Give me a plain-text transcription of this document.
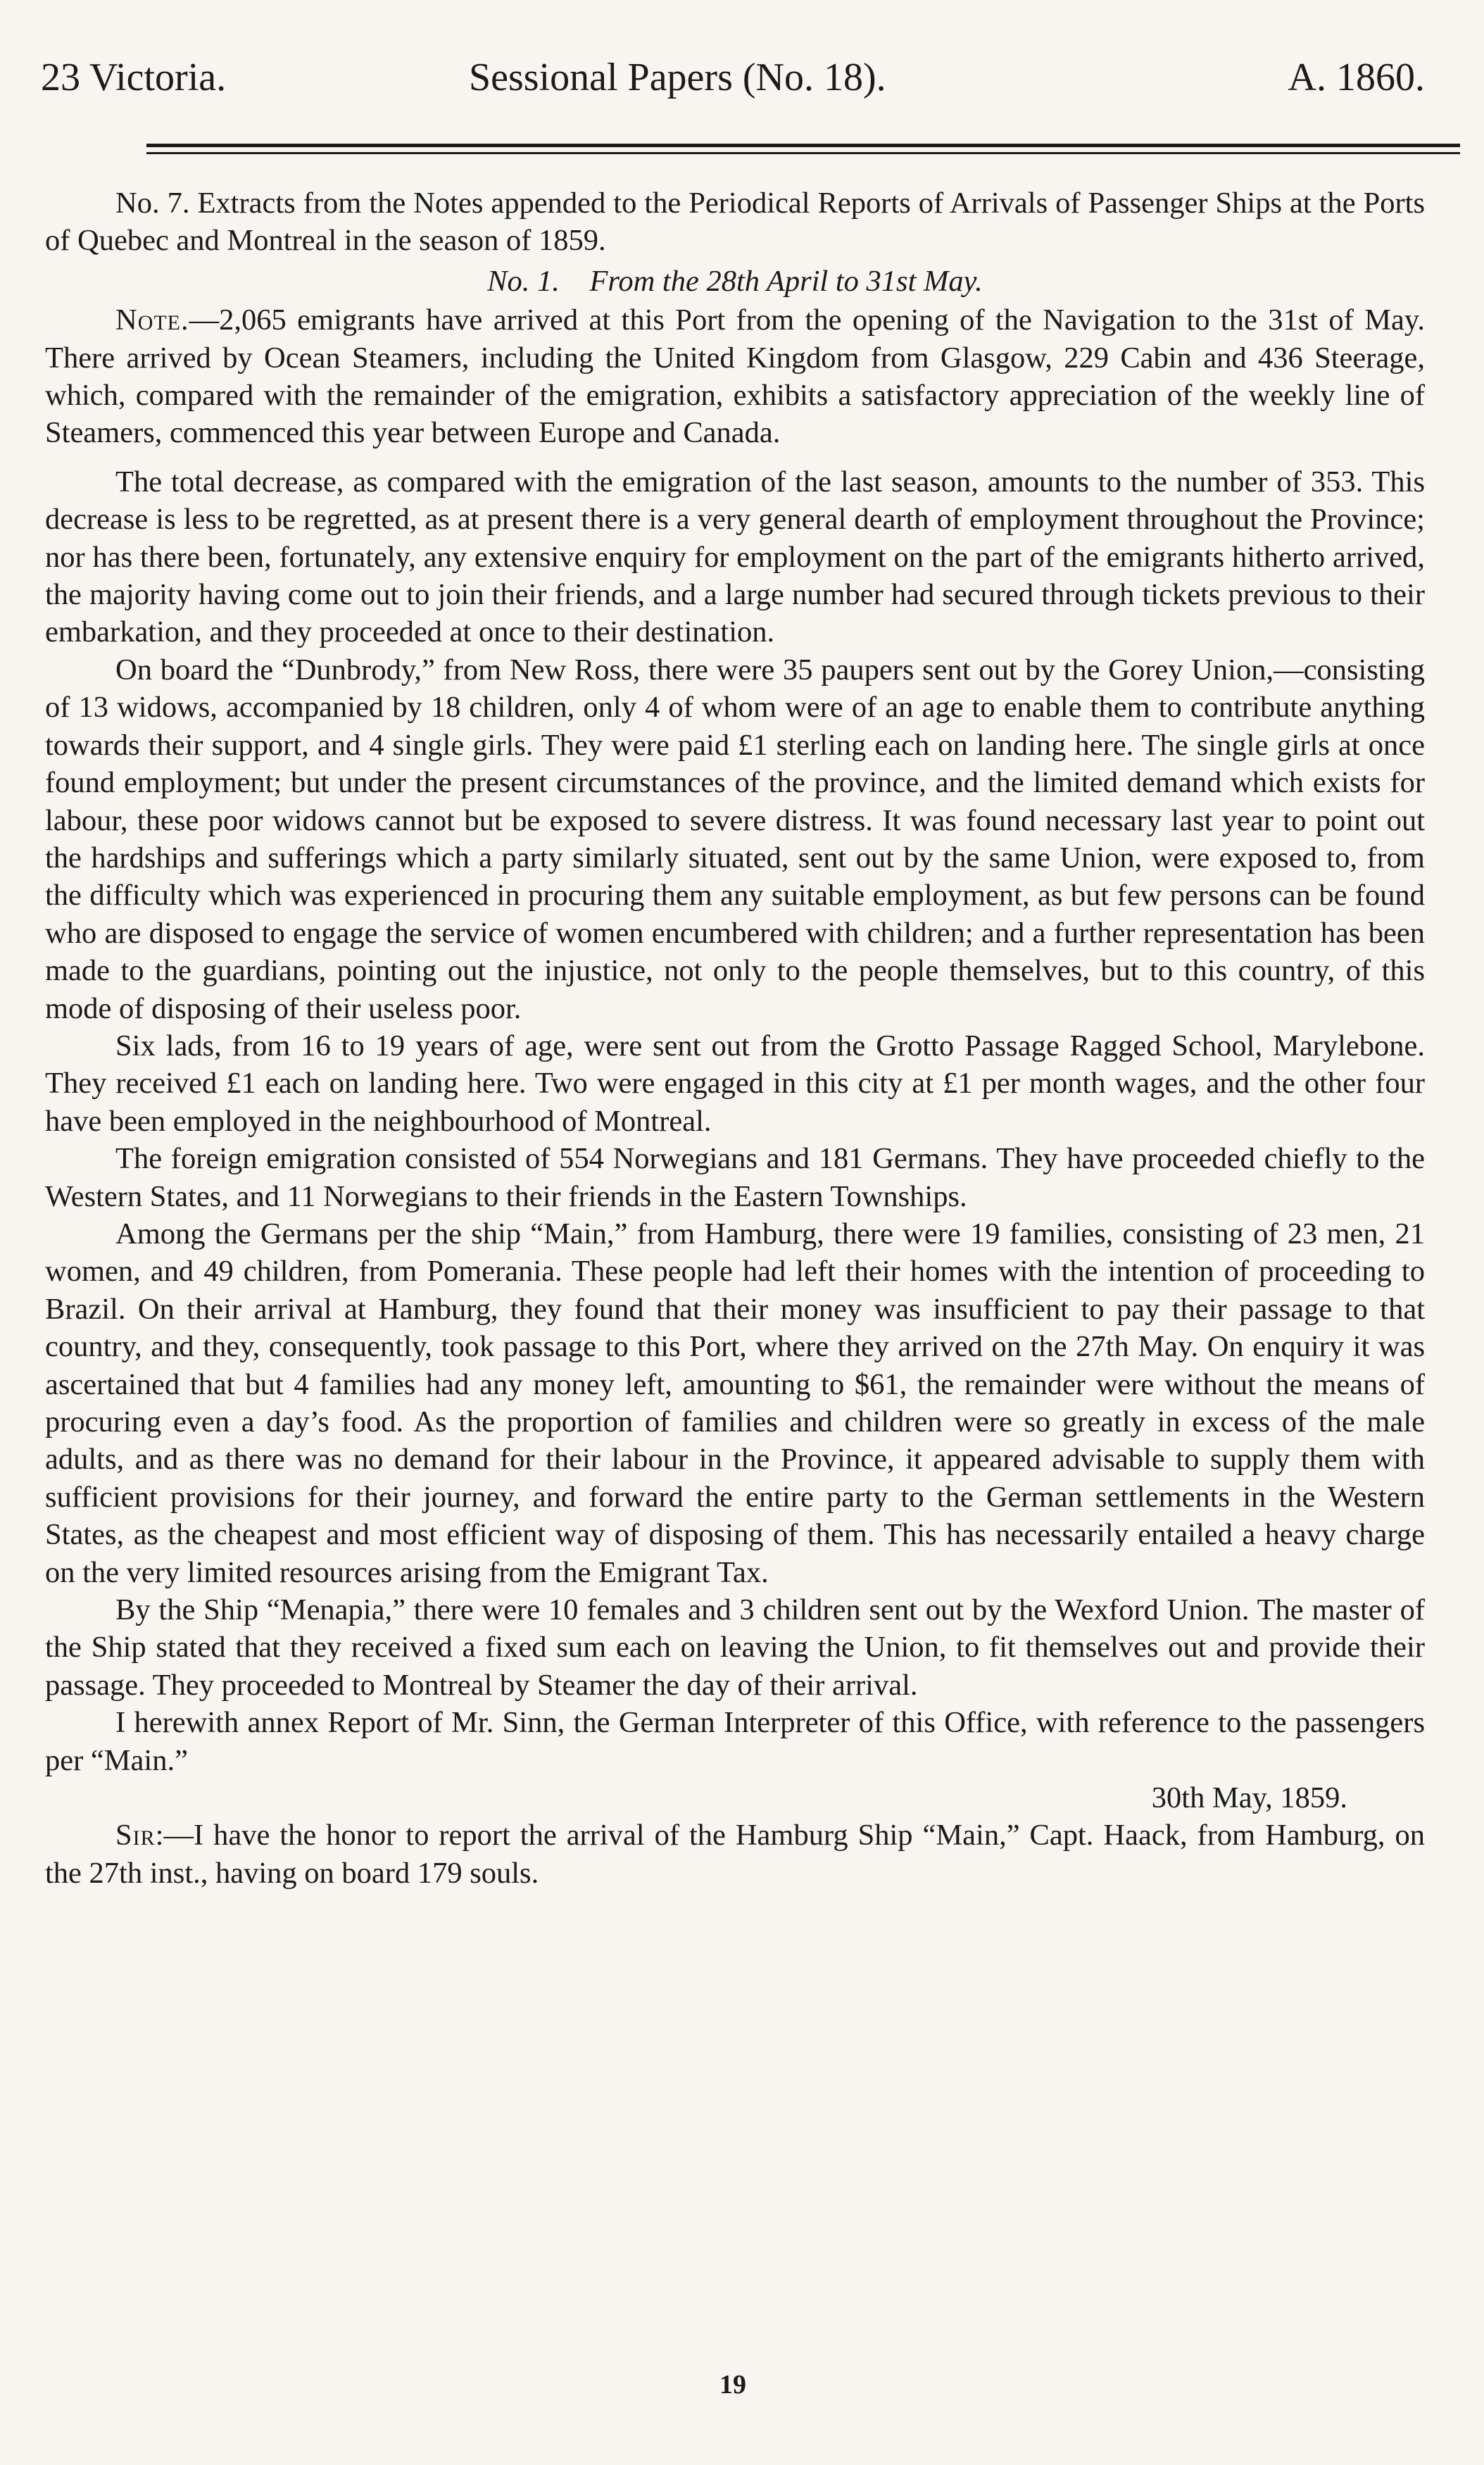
23 Victoria.	Sessional Papers (No. 18).	A. 1860.

No. 7. Extracts from the Notes appended to the Periodical Reports of Arrivals of Passenger Ships at the Ports of Quebec and Montreal in the season of 1859.

No. 1. From the 28th April to 31st May.

Note.—2,065 emigrants have arrived at this Port from the opening of the Navigation to the 31st of May. There arrived by Ocean Steamers, including the United Kingdom from Glasgow, 229 Cabin and 436 Steerage, which, compared with the remainder of the emigration, exhibits a satisfactory appreciation of the weekly line of Steamers, commenced this year between Europe and Canada.

The total decrease, as compared with the emigration of the last season, amounts to the number of 353. This decrease is less to be regretted, as at present there is a very general dearth of employment throughout the Province; nor has there been, fortunately, any extensive enquiry for employment on the part of the emigrants hitherto arrived, the majority having come out to join their friends, and a large number had secured through tickets previous to their embarkation, and they proceeded at once to their destination.

On board the “Dunbrody,” from New Ross, there were 35 paupers sent out by the Gorey Union,—consisting of 13 widows, accompanied by 18 children, only 4 of whom were of an age to enable them to contribute anything towards their support, and 4 single girls. They were paid £1 sterling each on landing here. The single girls at once found employment; but under the present circumstances of the province, and the limited demand which exists for labour, these poor widows cannot but be exposed to severe distress. It was found necessary last year to point out the hardships and sufferings which a party similarly situated, sent out by the same Union, were exposed to, from the difficulty which was experienced in procuring them any suitable employment, as but few persons can be found who are disposed to engage the service of women encumbered with children; and a further representation has been made to the guardians, pointing out the injustice, not only to the people themselves, but to this country, of this mode of disposing of their useless poor.

Six lads, from 16 to 19 years of age, were sent out from the Grotto Passage Ragged School, Marylebone. They received £1 each on landing here. Two were engaged in this city at £1 per month wages, and the other four have been employed in the neighbourhood of Montreal.

The foreign emigration consisted of 554 Norwegians and 181 Germans. They have proceeded chiefly to the Western States, and 11 Norwegians to their friends in the Eastern Townships.

Among the Germans per the ship “Main,” from Hamburg, there were 19 families, consisting of 23 men, 21 women, and 49 children, from Pomerania. These people had left their homes with the intention of proceeding to Brazil. On their arrival at Hamburg, they found that their money was insufficient to pay their passage to that country, and they, consequently, took passage to this Port, where they arrived on the 27th May. On enquiry it was ascertained that but 4 families had any money left, amounting to $61, the remainder were without the means of procuring even a day’s food. As the proportion of families and children were so greatly in excess of the male adults, and as there was no demand for their labour in the Province, it appeared advisable to supply them with sufficient provisions for their journey, and forward the entire party to the German settlements in the Western States, as the cheapest and most efficient way of disposing of them. This has necessarily entailed a heavy charge on the very limited resources arising from the Emigrant Tax.

By the Ship “Menapia,” there were 10 females and 3 children sent out by the Wexford Union. The master of the Ship stated that they received a fixed sum each on leaving the Union, to fit themselves out and provide their passage. They proceeded to Montreal by Steamer the day of their arrival.

I herewith annex Report of Mr. Sinn, the German Interpreter of this Office, with reference to the passengers per “Main.”

30th May, 1859.

Sir:—I have the honor to report the arrival of the Hamburg Ship “Main,” Capt. Haack, from Hamburg, on the 27th inst., having on board 179 souls.

19
